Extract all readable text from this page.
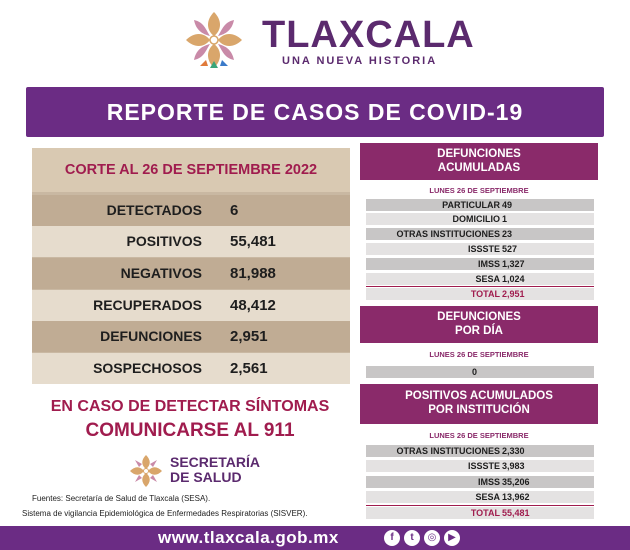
TLAXCALA
UNA NUEVA HISTORIA
REPORTE DE CASOS DE COVID-19
CORTE AL 26 DE SEPTIEMBRE 2022
DETECTADOS 6
POSITIVOS 55,481
NEGATIVOS 81,988
RECUPERADOS 48,412
DEFUNCIONES 2,951
SOSPECHOSOS 2,561
EN CASO DE DETECTAR SÍNTOMAS
COMUNICARSE AL 911
SECRETARÍA
DE SALUD
Fuentes: Secretaría de Salud de Tlaxcala (SESA).
Sistema de vigilancia Epidemiológica de Enfermedades Respiratorias (SISVER).
DEFUNCIONES
ACUMULADAS
LUNES 26 DE SEPTIEMBRE
PARTICULAR 49
DOMICILIO 1
OTRAS INSTITUCIONES 23
ISSSTE 527
IMSS 1,327
SESA 1,024
TOTAL 2,951
DEFUNCIONES
POR DÍA
LUNES 26 DE SEPTIEMBRE
0
POSITIVOS ACUMULADOS
POR INSTITUCIÓN
LUNES 26 DE SEPTIEMBRE
OTRAS INSTITUCIONES 2,330
ISSSTE 3,983
IMSS 35,206
SESA 13,962
TOTAL 55,481
www.tlaxcala.gob.mx	f	t	◎	▶
